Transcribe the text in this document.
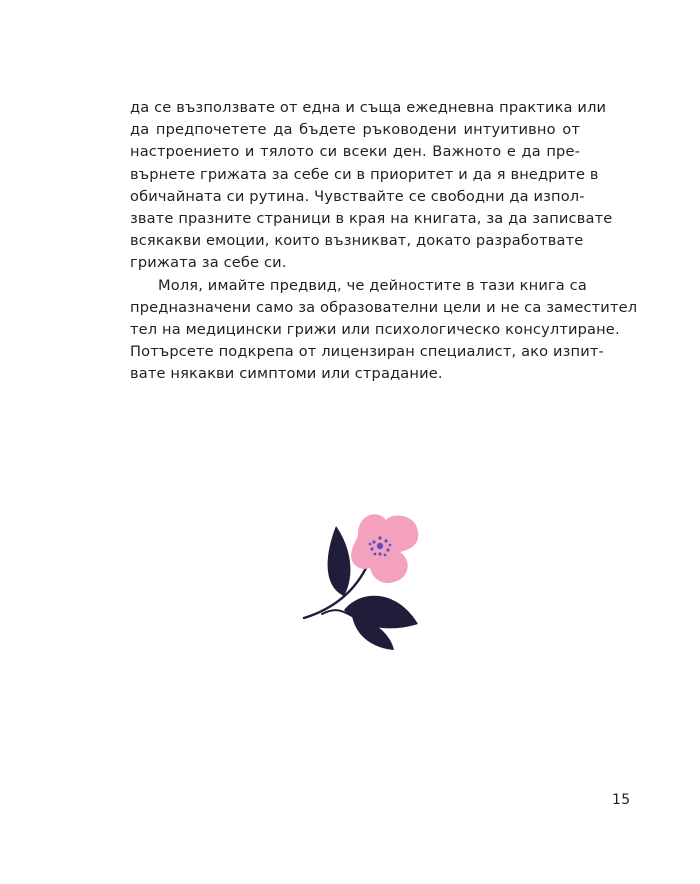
да се възползвате от една и съща ежедневна практика или
да предпочетете да бъдете ръководени интуитивно от
настроението и тялото си всеки ден. Важното е да пре-
върнете грижата за себе си в приоритет и да я внедрите в
обичайната си рутина. Чувствайте се свободни да изпол-
звате празните страници в края на книгата, за да записвате
всякакви емоции, които възникват, докато разработвате
грижата за себе си.

Моля, имайте предвид, че дейностите в тази книга са
предназначени само за образователни цели и не са заместител
тел на медицински грижи или психологическо консултиране.
Потърсете подкрепа от лицензиран специалист, ако изпит-
вате някакви симптоми или страдание.

15
